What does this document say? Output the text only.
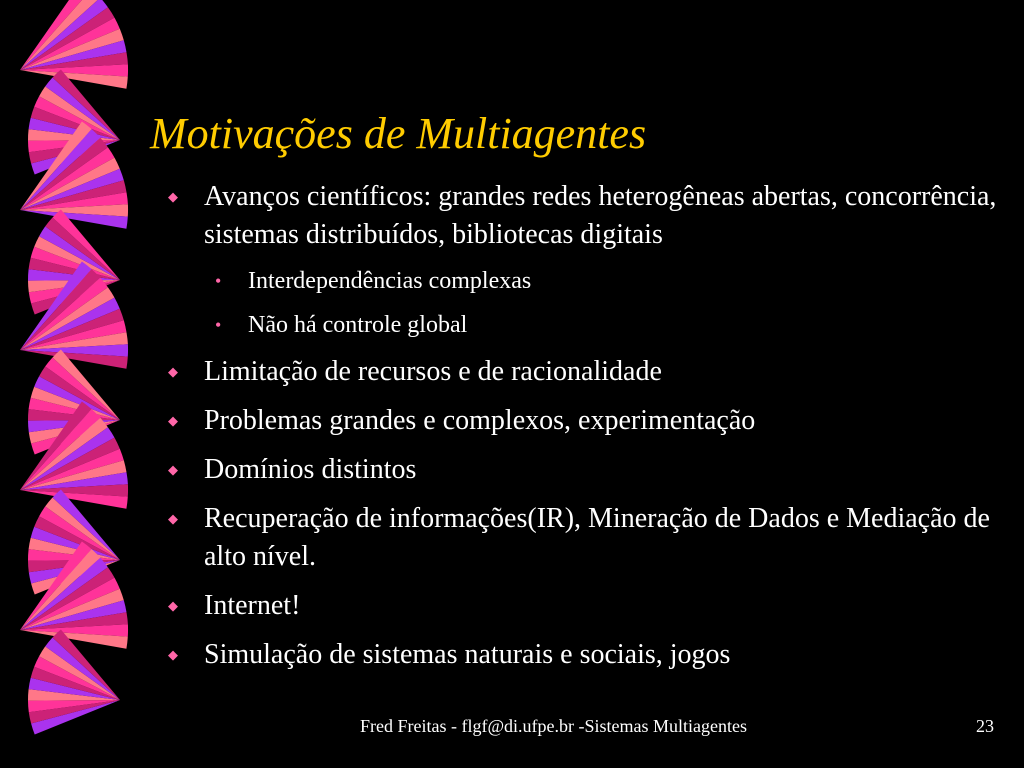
Motivações de Multiagentes
◆ Avanços científicos: grandes redes heterogêneas abertas, concorrência, sistemas distribuídos, bibliotecas digitais
• Interdependências complexas
• Não há controle global
◆ Limitação de recursos e de racionalidade
◆ Problemas grandes e complexos, experimentação
◆ Domínios distintos
◆ Recuperação de informações(IR), Mineração de Dados e Mediação de alto nível.
◆ Internet!
◆ Simulação de sistemas naturais e sociais, jogos
Fred Freitas - flgf@di.ufpe.br -Sistemas Multiagentes	23
